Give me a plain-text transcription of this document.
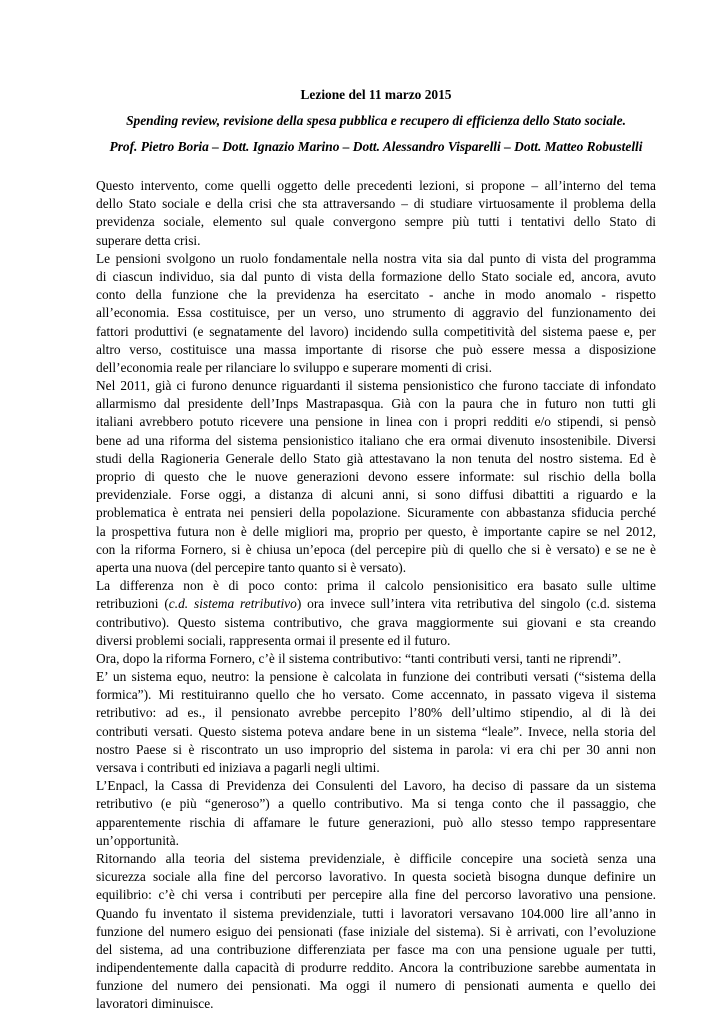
Lezione del 11 marzo 2015
Spending review, revisione della spesa pubblica e recupero di efficienza dello Stato sociale.
Prof. Pietro Boria – Dott. Ignazio Marino – Dott. Alessandro Visparelli – Dott. Matteo Robustelli
Questo intervento, come quelli oggetto delle precedenti lezioni, si propone – all’interno del tema
dello Stato sociale e della crisi che sta attraversando – di studiare virtuosamente il problema della
previdenza sociale, elemento sul quale convergono sempre più tutti i tentativi dello Stato di
superare detta crisi.
Le pensioni svolgono un ruolo fondamentale nella nostra vita sia dal punto di vista del programma
di ciascun individuo, sia dal punto di vista della formazione dello Stato sociale ed, ancora, avuto
conto della funzione che la previdenza ha esercitato - anche in modo anomalo - rispetto
all’economia. Essa costituisce, per un verso, uno strumento di aggravio del funzionamento dei
fattori produttivi (e segnatamente del lavoro) incidendo sulla competitività del sistema paese e, per
altro verso, costituisce una massa importante di risorse che può essere messa a disposizione
dell’economia reale per rilanciare lo sviluppo e superare momenti di crisi.
Nel 2011, già ci furono denunce riguardanti il sistema pensionistico che furono tacciate di infondato
allarmismo dal presidente dell’Inps Mastrapasqua. Già con la paura che in futuro non tutti gli
italiani avrebbero potuto ricevere una pensione in linea con i propri redditi e/o stipendi, si pensò
bene ad una riforma del sistema pensionistico italiano che era ormai divenuto insostenibile. Diversi
studi della Ragioneria Generale dello Stato già attestavano la non tenuta del nostro sistema. Ed è
proprio di questo che le nuove generazioni devono essere informate: sul rischio della bolla
previdenziale. Forse oggi, a distanza di alcuni anni, si sono diffusi dibattiti a riguardo e la
problematica è entrata nei pensieri della popolazione. Sicuramente con abbastanza sfiducia perché
la prospettiva futura non è delle migliori ma, proprio per questo, è importante capire se nel 2012,
con la riforma Fornero, si è chiusa un’epoca (del percepire più di quello che si è versato) e se ne è
aperta una nuova (del percepire tanto quanto si è versato).
La differenza non è di poco conto: prima il calcolo pensionisitico era basato sulle ultime
retribuzioni (c.d. sistema retributivo) ora invece sull’intera vita retributiva del singolo (c.d. sistema
contributivo). Questo sistema contributivo, che grava maggiormente sui giovani e sta creando
diversi problemi sociali, rappresenta ormai il presente ed il futuro.
Ora, dopo la riforma Fornero, c’è il sistema contributivo: “tanti contributi versi, tanti ne riprendi”.
E’ un sistema equo, neutro: la pensione è calcolata in funzione dei contributi versati (“sistema della
formica”). Mi restituiranno quello che ho versato. Come accennato, in passato vigeva il sistema
retributivo: ad es., il pensionato avrebbe percepito l’80% dell’ultimo stipendio, al di là dei
contributi versati. Questo sistema poteva andare bene in un sistema “leale”. Invece, nella storia del
nostro Paese si è riscontrato un uso improprio del sistema in parola: vi era chi per 30 anni non
versava i contributi ed iniziava a pagarli negli ultimi.
L’Enpacl, la Cassa di Previdenza dei Consulenti del Lavoro, ha deciso di passare da un sistema
retributivo (e più “generoso”) a quello contributivo. Ma si tenga conto che il passaggio, che
apparentemente rischia di affamare le future generazioni, può allo stesso tempo rappresentare
un’opportunità.
Ritornando alla teoria del sistema previdenziale, è difficile concepire una società senza una
sicurezza sociale alla fine del percorso lavorativo. In questa società bisogna dunque definire un
equilibrio: c’è chi versa i contributi per percepire alla fine del percorso lavorativo una pensione.
Quando fu inventato il sistema previdenziale, tutti i lavoratori versavano 104.000 lire all’anno in
funzione del numero esiguo dei pensionati (fase iniziale del sistema). Si è arrivati, con l’evoluzione
del sistema, ad una contribuzione differenziata per fasce ma con una pensione uguale per tutti,
indipendentemente dalla capacità di produrre reddito. Ancora la contribuzione sarebbe aumentata in
funzione del numero dei pensionati. Ma oggi il numero di pensionati aumenta e quello dei
lavoratori diminuisce.
